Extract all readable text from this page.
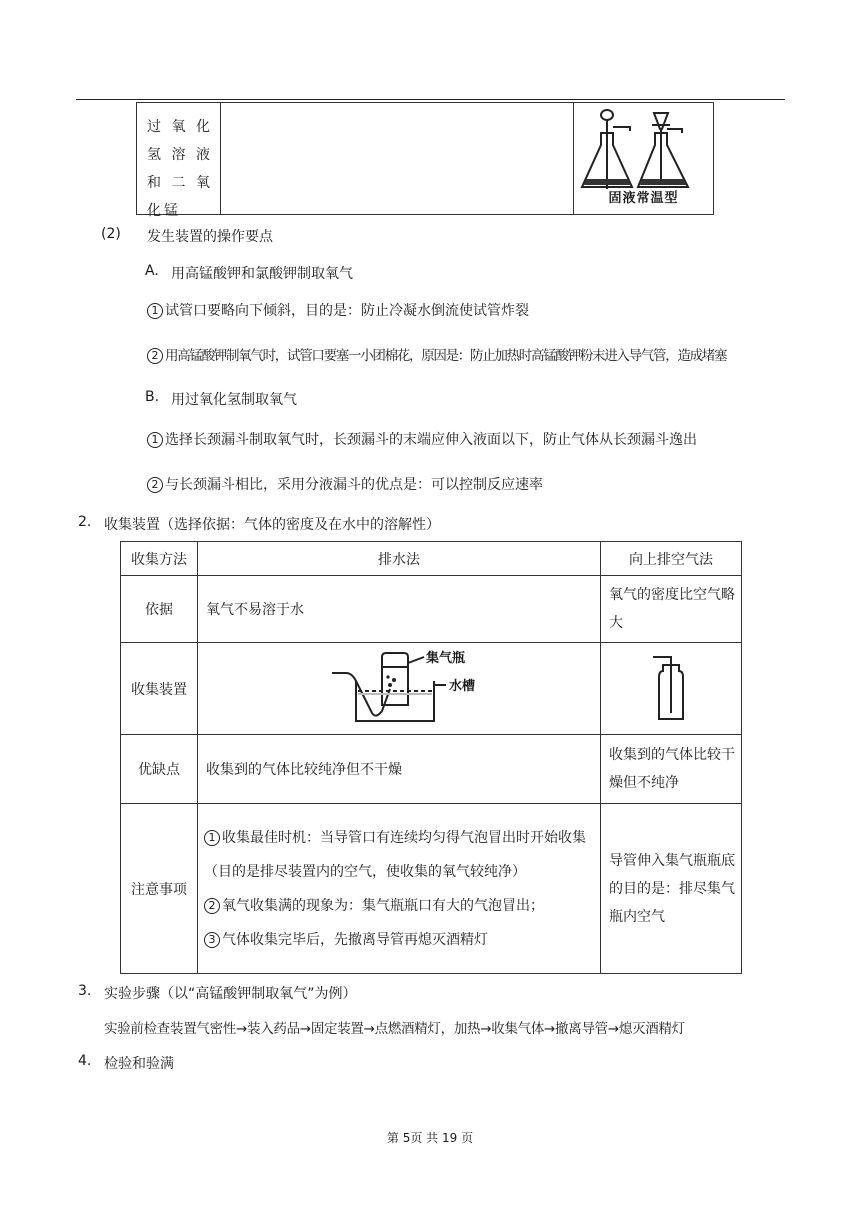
过氧化氢溶液和二氧化锰
固液常温型
(2) 发生装置的操作要点
A. 用高锰酸钾和氯酸钾制取氧气
1 试管口要略向下倾斜，目的是：防止冷凝水倒流使试管炸裂
2 用高锰酸钾制氧气时，试管口要塞一小团棉花，原因是：防止加热时高锰酸钾粉末进入导气管，造成堵塞
B. 用过氧化氢制取氧气
1 选择长颈漏斗制取氧气时，长颈漏斗的末端应伸入液面以下，防止气体从长颈漏斗逸出
2 与长颈漏斗相比，采用分液漏斗的优点是：可以控制反应速率
2. 收集装置（选择依据：气体的密度及在水中的溶解性）
收集方法	排水法	向上排空气法
依据	氧气不易溶于水	氧气的密度比空气略大
收集装置	集气瓶
水槽

优缺点	收集到的气体比较纯净但不干燥	收集到的气体比较干燥但不纯净
注意事项	1 收集最佳时机：当导管口有连续均匀得气泡冒出时开始收集（目的是排尽装置内的空气，使收集的氧气较纯净）
2 氧气收集满的现象为：集气瓶瓶口有大的气泡冒出；
3 气体收集完毕后，先撤离导管再熄灭酒精灯	导管伸入集气瓶瓶底的目的是：排尽集气瓶内空气
3. 实验步骤（以“高锰酸钾制取氧气”为例）
实验前检查装置气密性→装入药品→固定装置→点燃酒精灯，加热→收集气体→撤离导管→熄灭酒精灯
4. 检验和验满
第 5页 共 19 页
